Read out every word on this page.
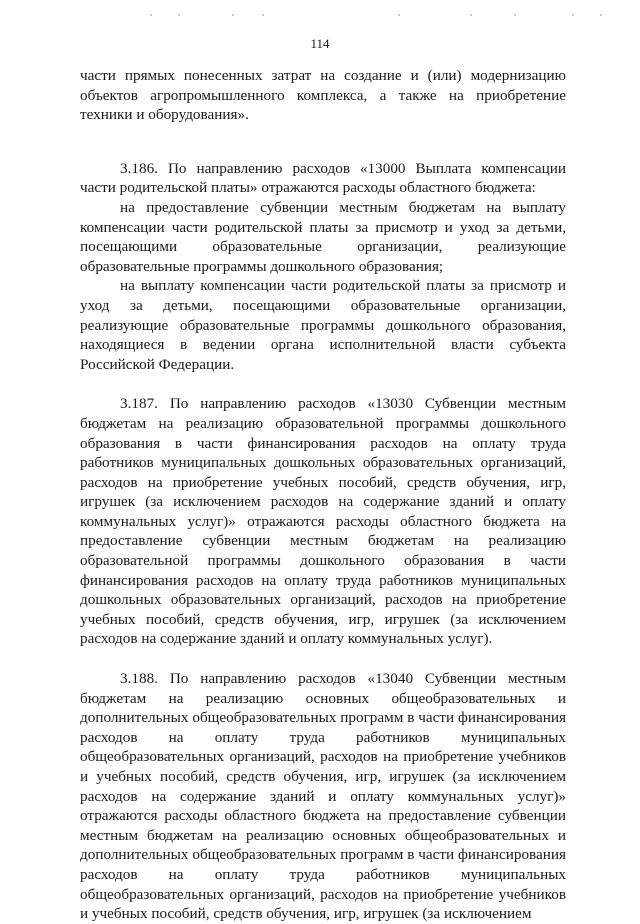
114

части прямых понесенных затрат на создание и (или) модернизацию объектов агропромышленного комплекса, а также на приобретение техники и оборудования».

3.186. По направлению расходов «13000 Выплата компенсации части родительской платы» отражаются расходы областного бюджета:

на предоставление субвенции местным бюджетам на выплату компенсации части родительской платы за присмотр и уход за детьми, посещающими образовательные организации, реализующие образовательные программы дошкольного образования;

на выплату компенсации части родительской платы за присмотр и уход за детьми, посещающими образовательные организации, реализующие образовательные программы дошкольного образования, находящиеся в ведении органа исполнительной власти субъекта Российской Федерации.

3.187. По направлению расходов «13030 Субвенции местным бюджетам на реализацию образовательной программы дошкольного образования в части финансирования расходов на оплату труда работников муниципальных дошкольных образовательных организаций, расходов на приобретение учебных пособий, средств обучения, игр, игрушек (за исключением расходов на содержание зданий и оплату коммунальных услуг)» отражаются расходы областного бюджета на предоставление субвенции местным бюджетам на реализацию образовательной программы дошкольного образования в части финансирования расходов на оплату труда работников муниципальных дошкольных образовательных организаций, расходов на приобретение учебных пособий, средств обучения, игр, игрушек (за исключением расходов на содержание зданий и оплату коммунальных услуг).

3.188. По направлению расходов «13040 Субвенции местным бюджетам на реализацию основных общеобразовательных и дополнительных общеобразовательных программ в части финансирования расходов на оплату труда работников муниципальных общеобразовательных организаций, расходов на приобретение учебников и учебных пособий, средств обучения, игр, игрушек (за исключением расходов на содержание зданий и оплату коммунальных услуг)» отражаются расходы областного бюджета на предоставление субвенции местным бюджетам на реализацию основных общеобразовательных и дополнительных общеобразовательных программ в части финансирования расходов на оплату труда работников муниципальных общеобразовательных организаций, расходов на приобретение учебников и учебных пособий, средств обучения, игр, игрушек (за исключением
